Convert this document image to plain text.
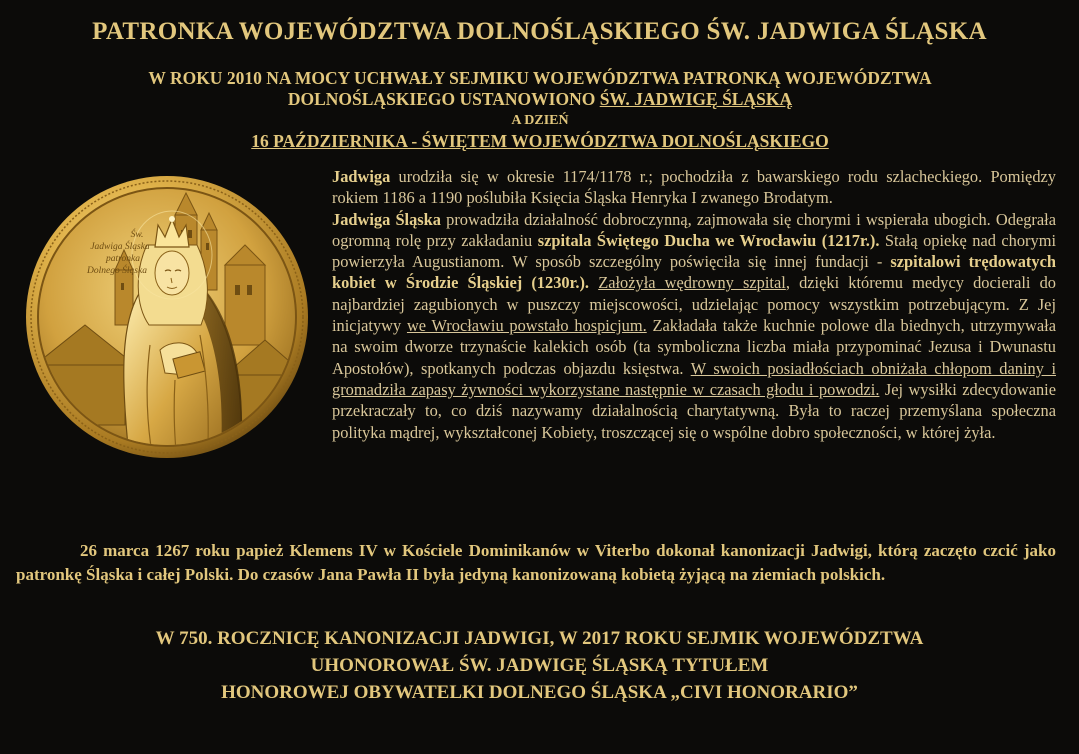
PATRONKA WOJEWÓDZTWA DOLNOŚLĄSKIEGO ŚW. JADWIGA ŚLĄSKA
W ROKU 2010 NA MOCY UCHWAŁY SEJMIKU WOJEWÓDZTWA PATRONKĄ WOJEWÓDZTWA
DOLNOŚLĄSKIEGO USTANOWIONO ŚW. JADWIGĘ ŚLĄSKĄ
A DZIEŃ
16 PAŹDZIERNIKA - ŚWIĘTEM WOJEWÓDZTWA DOLNOŚLĄSKIEGO
Św.
Jadwiga Śląska
patronka
Dolnego Śląska

Jadwiga urodziła się w okresie 1174/1178 r.; pochodziła z bawarskiego rodu szlacheckiego. Pomiędzy rokiem 1186 a 1190 poślubiła Księcia Śląska Henryka I zwanego Brodatym.

Jadwiga Śląska prowadziła działalność dobroczynną, zajmowała się chorymi i wspierała ubogich. Odegrała ogromną rolę przy zakładaniu szpitala Świętego Ducha we Wrocławiu (1217r.). Stałą opiekę nad chorymi powierzyła Augustianom. W sposób szczególny poświęciła się innej fundacji - szpitalowi trędowatych kobiet w Środzie Śląskiej (1230r.). Założyła wędrowny szpital, dzięki któremu medycy docierali do najbardziej zagubionych w puszczy miejscowości, udzielając pomocy wszystkim potrzebującym. Z Jej inicjatywy we Wrocławiu powstało hospicjum. Zakładała także kuchnie polowe dla biednych, utrzymywała na swoim dworze trzynaście kalekich osób (ta symboliczna liczba miała przypominać Jezusa i Dwunastu Apostołów), spotkanych podczas objazdu księstwa. W swoich posiadłościach obniżała chłopom daniny i gromadziła zapasy żywności wykorzystane następnie w czasach głodu i powodzi. Jej wysiłki zdecydowanie przekraczały to, co dziś nazywamy działalnością charytatywną. Była to raczej przemyślana społeczna polityka mądrej, wykształconej Kobiety, troszczącej się o wspólne dobro społeczności, w której żyła.

26 marca 1267 roku papież Klemens IV w Kościele Dominikanów w Viterbo dokonał kanonizacji Jadwigi, którą zaczęto czcić jako patronkę Śląska i całej Polski. Do czasów Jana Pawła II była jedyną kanonizowaną kobietą żyjącą na ziemiach polskich.
W 750. ROCZNICĘ KANONIZACJI JADWIGI, W 2017 ROKU SEJMIK WOJEWÓDZTWA
UHONOROWAŁ ŚW. JADWIGĘ ŚLĄSKĄ TYTUŁEM
HONOROWEJ OBYWATELKI DOLNEGO ŚLĄSKA „CIVI HONORARIO”
